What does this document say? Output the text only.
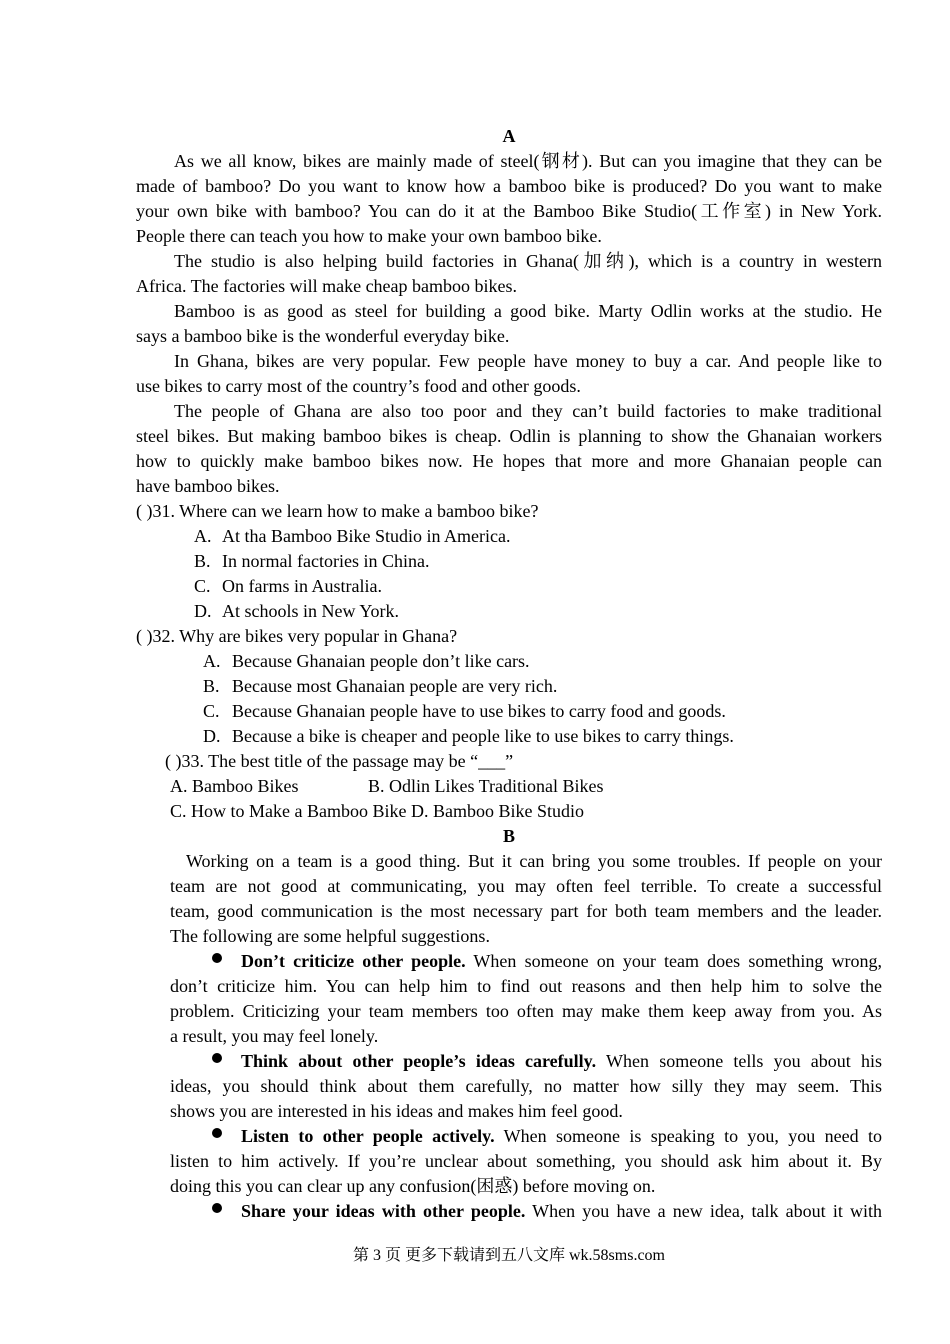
A
As we all know, bikes are mainly made of steel(钢材). But can you imagine that they can be
made of bamboo? Do you want to know how a bamboo bike is produced? Do you want to make
your own bike with bamboo? You can do it at the Bamboo Bike Studio(工作室) in New York.
People there can teach you how to make your own bamboo bike.
The studio is also helping build factories in Ghana(加纳), which is a country in western
Africa. The factories will make cheap bamboo bikes.
Bamboo is as good as steel for building a good bike. Marty Odlin works at the studio. He
says a bamboo bike is the wonderful everyday bike.
In Ghana, bikes are very popular. Few people have money to buy a car. And people like to
use bikes to carry most of the country’s food and other goods.
The people of Ghana are also too poor and they can’t build factories to make traditional
steel bikes. But making bamboo bikes is cheap. Odlin is planning to show the Ghanaian workers
how to quickly make bamboo bikes now. He hopes that more and more Ghanaian people can
have bamboo bikes.
( )31. Where can we learn how to make a bamboo bike?
A. At tha Bamboo Bike Studio in America.
B. In normal factories in China.
C. On farms in Australia.
D. At schools in New York.
( )32. Why are bikes very popular in Ghana?
A. Because Ghanaian people don’t like cars.
B. Because most Ghanaian people are very rich.
C. Because Ghanaian people have to use bikes to carry food and goods.
D. Because a bike is cheaper and people like to use bikes to carry things.
( )33. The best title of the passage may be “___”
A. Bamboo Bikes	B. Odlin Likes Traditional Bikes
C. How to Make a Bamboo Bike D. Bamboo Bike Studio
B
Working on a team is a good thing. But it can bring you some troubles. If people on your
team are not good at communicating, you may often feel terrible. To create a successful
team, good communication is the most necessary part for both team members and the leader.
The following are some helpful suggestions.
Don’t criticize other people. When someone on your team does something wrong,
don’t criticize him. You can help him to find out reasons and then help him to solve the
problem. Criticizing your team members too often may make them keep away from you. As
a result, you may feel lonely.
Think about other people’s ideas carefully. When someone tells you about his
ideas, you should think about them carefully, no matter how silly they may seem. This
shows you are interested in his ideas and makes him feel good.
Listen to other people actively. When someone is speaking to you, you need to
listen to him actively. If you’re unclear about something, you should ask him about it. By
doing this you can clear up any confusion(困惑) before moving on.
Share your ideas with other people. When you have a new idea, talk about it with
第 3 页 更多下载请到五八文库 wk.58sms.com
